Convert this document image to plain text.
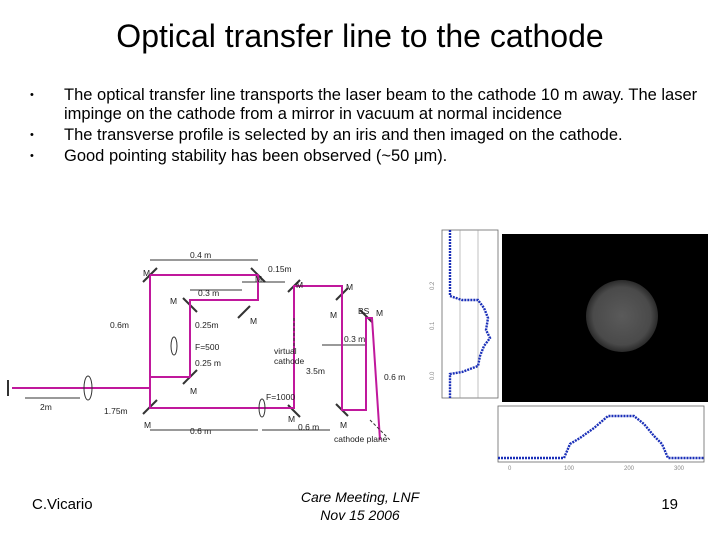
Optical transfer line to the cathode
• The optical transfer line transports the laser beam to the cathode 10 m away. The laser impinge on the cathode from a mirror in vacuum at normal incidence
• The transverse profile is selected by an iris and then imaged on the cathode.
• Good pointing stability has been observed (~50 μm).
M
M
M
M
M	M
M	M
M
M
M
M
BS
0.4 m
0.15m
0.3 m
0.6m	0.25m
F=500
0.25 m
virtual
cathode
0.3 m
3.5m
0.6 m
F=1000
2m	1.75m
0.6 m	0.6 m
cathode plane
0.2
0.1
0.0
0	100	200	300
C.Vicario	Care Meeting, LNF
Nov 15 2006
19
